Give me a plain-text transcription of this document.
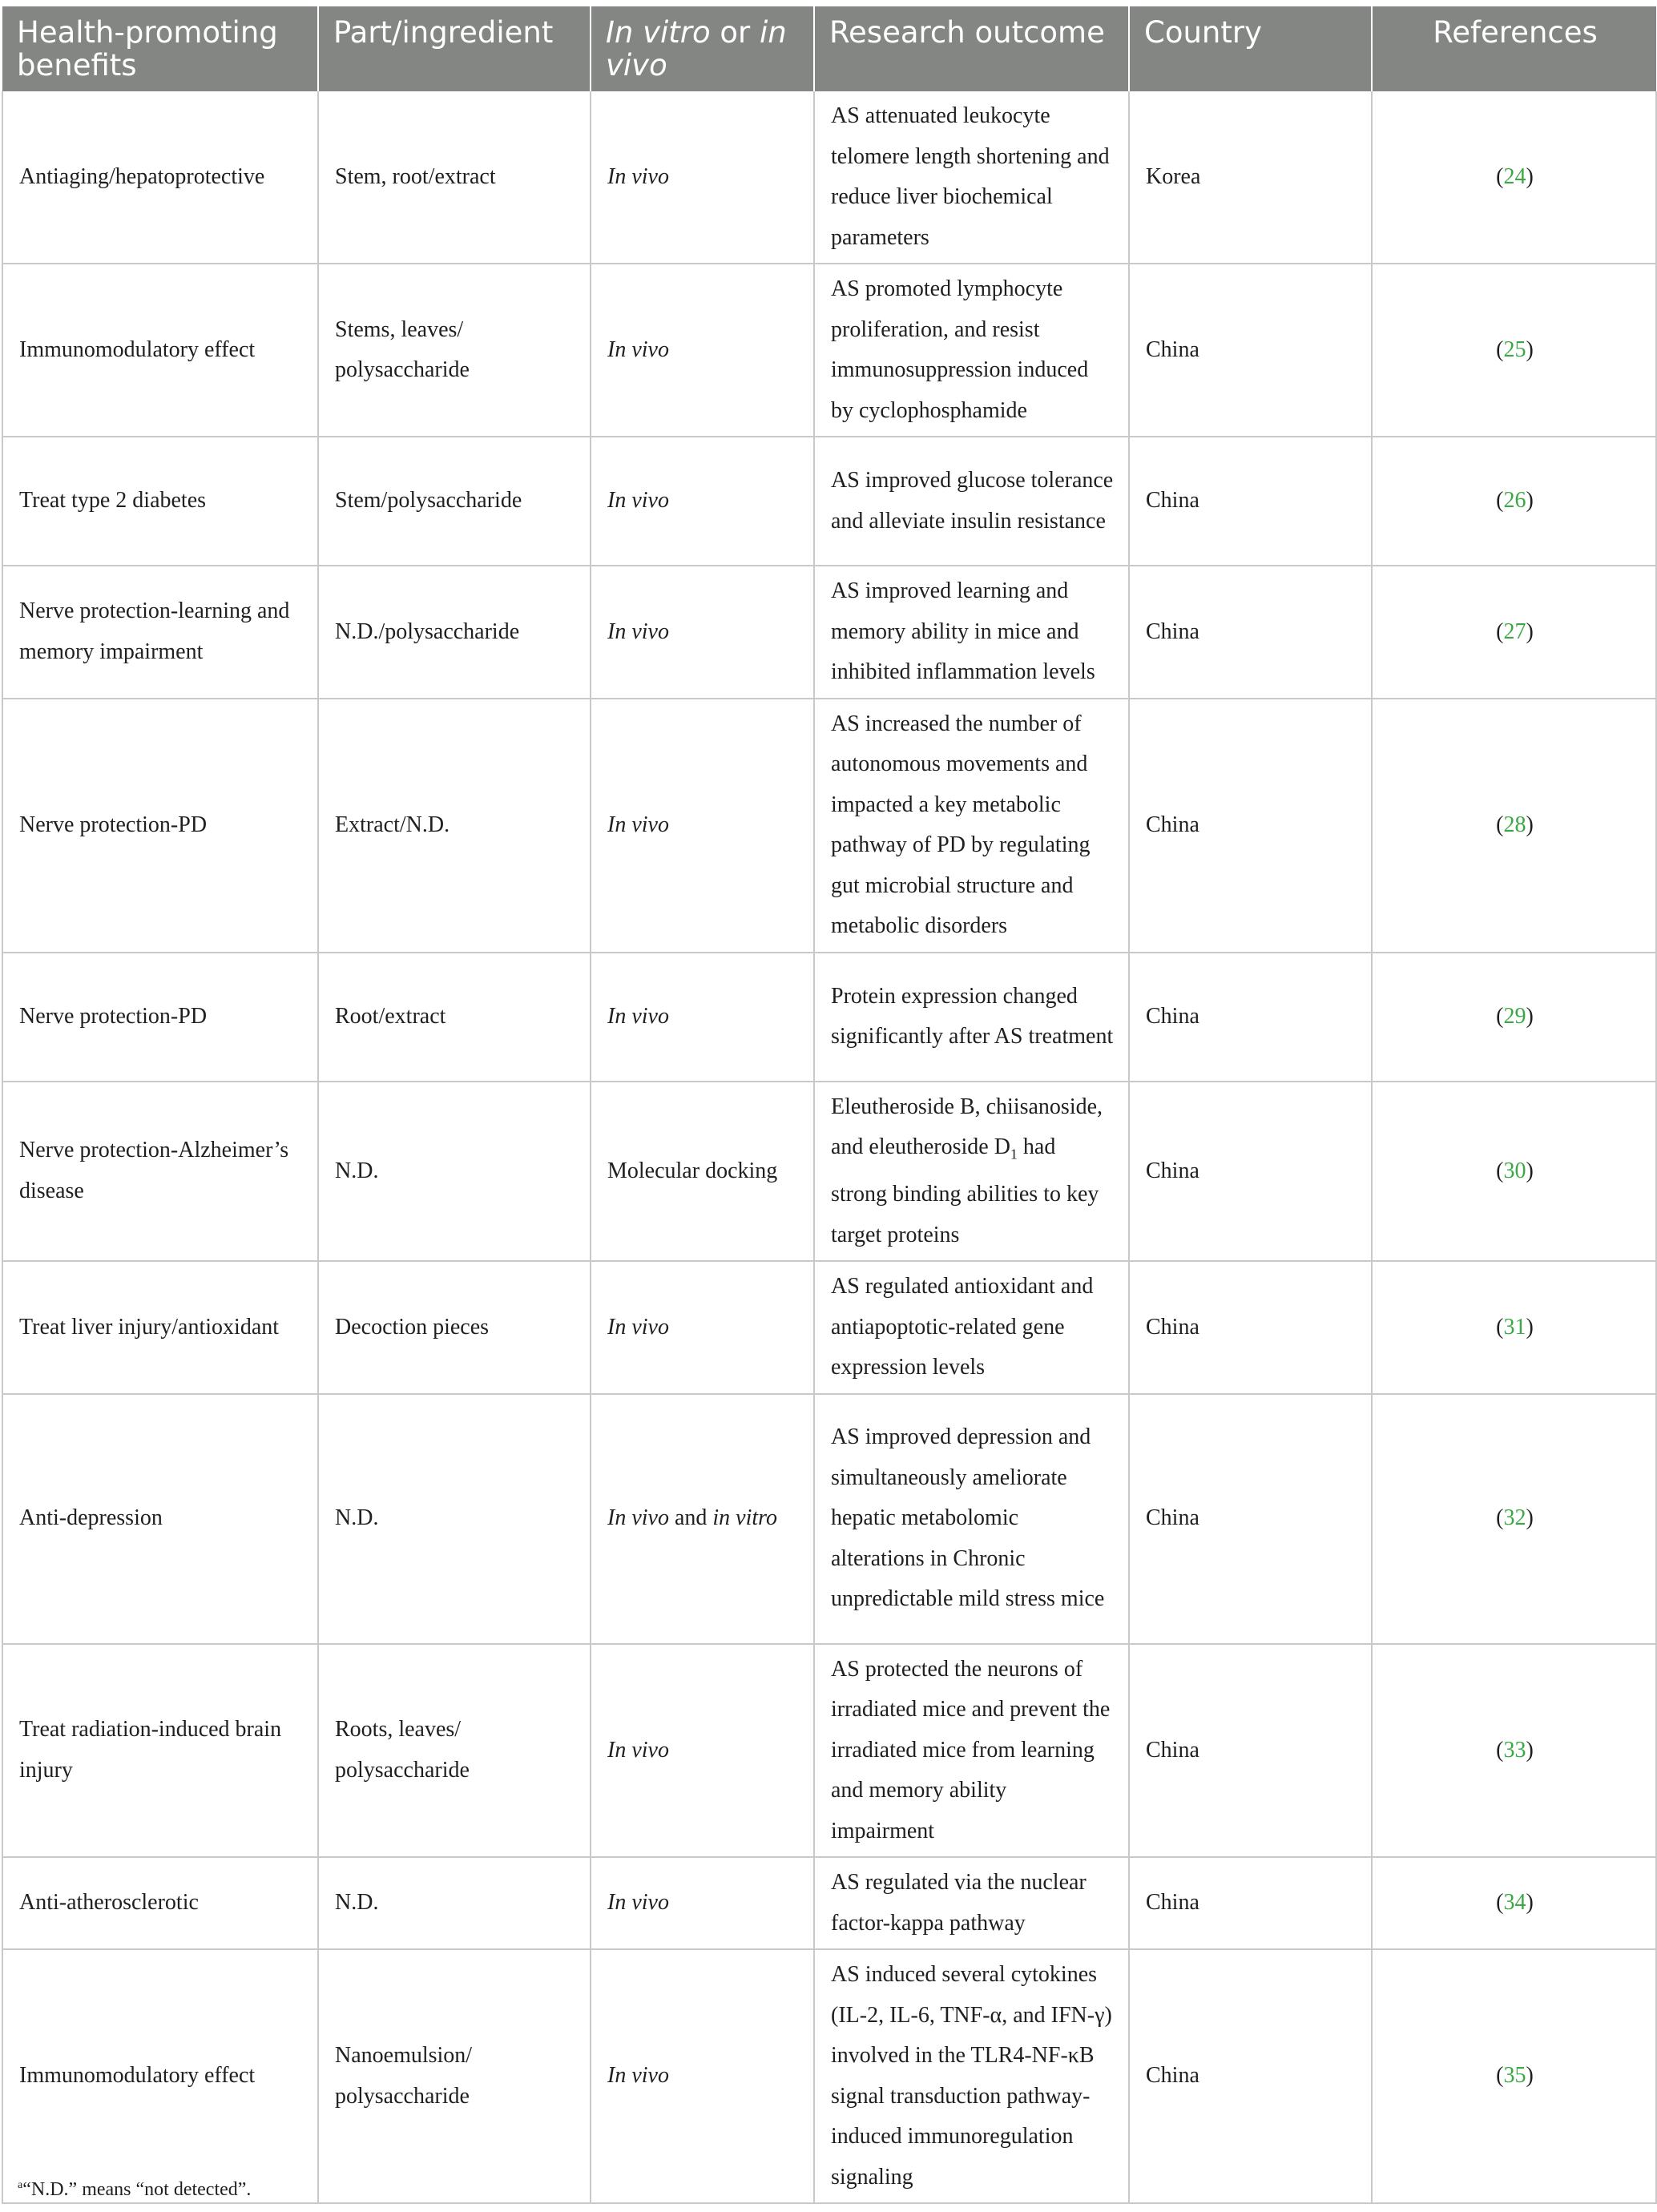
Health-promoting benefits	Part/ingredient	In vitro or in vivo	Research outcome	Country	References
Antiaging/hepatoprotective	Stem, root/extract	In vivo	AS attenuated leukocyte telomere length shortening and reduce liver biochemical parameters	Korea	(24)
Immunomodulatory effect	Stems, leaves/ polysaccharide	In vivo	AS promoted lymphocyte proliferation, and resist immunosuppression induced by cyclophosphamide	China	(25)
Treat type 2 diabetes	Stem/polysaccharide	In vivo	AS improved glucose tolerance and alleviate insulin resistance	China	(26)
Nerve protection-learning and memory impairment	N.D./polysaccharide	In vivo	AS improved learning and memory ability in mice and inhibited inflammation levels	China	(27)
Nerve protection-PD	Extract/N.D.	In vivo	AS increased the number of autonomous movements and impacted a key metabolic pathway of PD by regulating gut microbial structure and metabolic disorders	China	(28)
Nerve protection-PD	Root/extract	In vivo	Protein expression changed significantly after AS treatment	China	(29)
Nerve protection-Alzheimer’s disease	N.D.	Molecular docking	Eleutheroside B, chiisanoside, and eleutheroside $D_1$ had strong binding abilities to key target proteins	China	(30)
Treat liver injury/antioxidant	Decoction pieces	In vivo	AS regulated antioxidant and antiapoptotic-related gene expression levels	China	(31)
Anti-depression	N.D.	In vivo and in vitro	AS improved depression and simultaneously ameliorate hepatic metabolomic alterations in Chronic unpredictable mild stress mice	China	(32)
Treat radiation-induced brain injury	Roots, leaves/ polysaccharide	In vivo	AS protected the neurons of irradiated mice and prevent the irradiated mice from learning and memory ability impairment	China	(33)
Anti-atherosclerotic	N.D.	In vivo	AS regulated via the nuclear factor-kappa pathway	China	(34)
Immunomodulatory effect	Nanoemulsion/ polysaccharide	In vivo	AS induced several cytokines (IL-2, IL-6, TNF-α, and IFN-γ) involved in the TLR4-NF-κB signal transduction pathway-induced immunoregulation signaling	China	(35)
$^a$“N.D.” means “not detected”.
